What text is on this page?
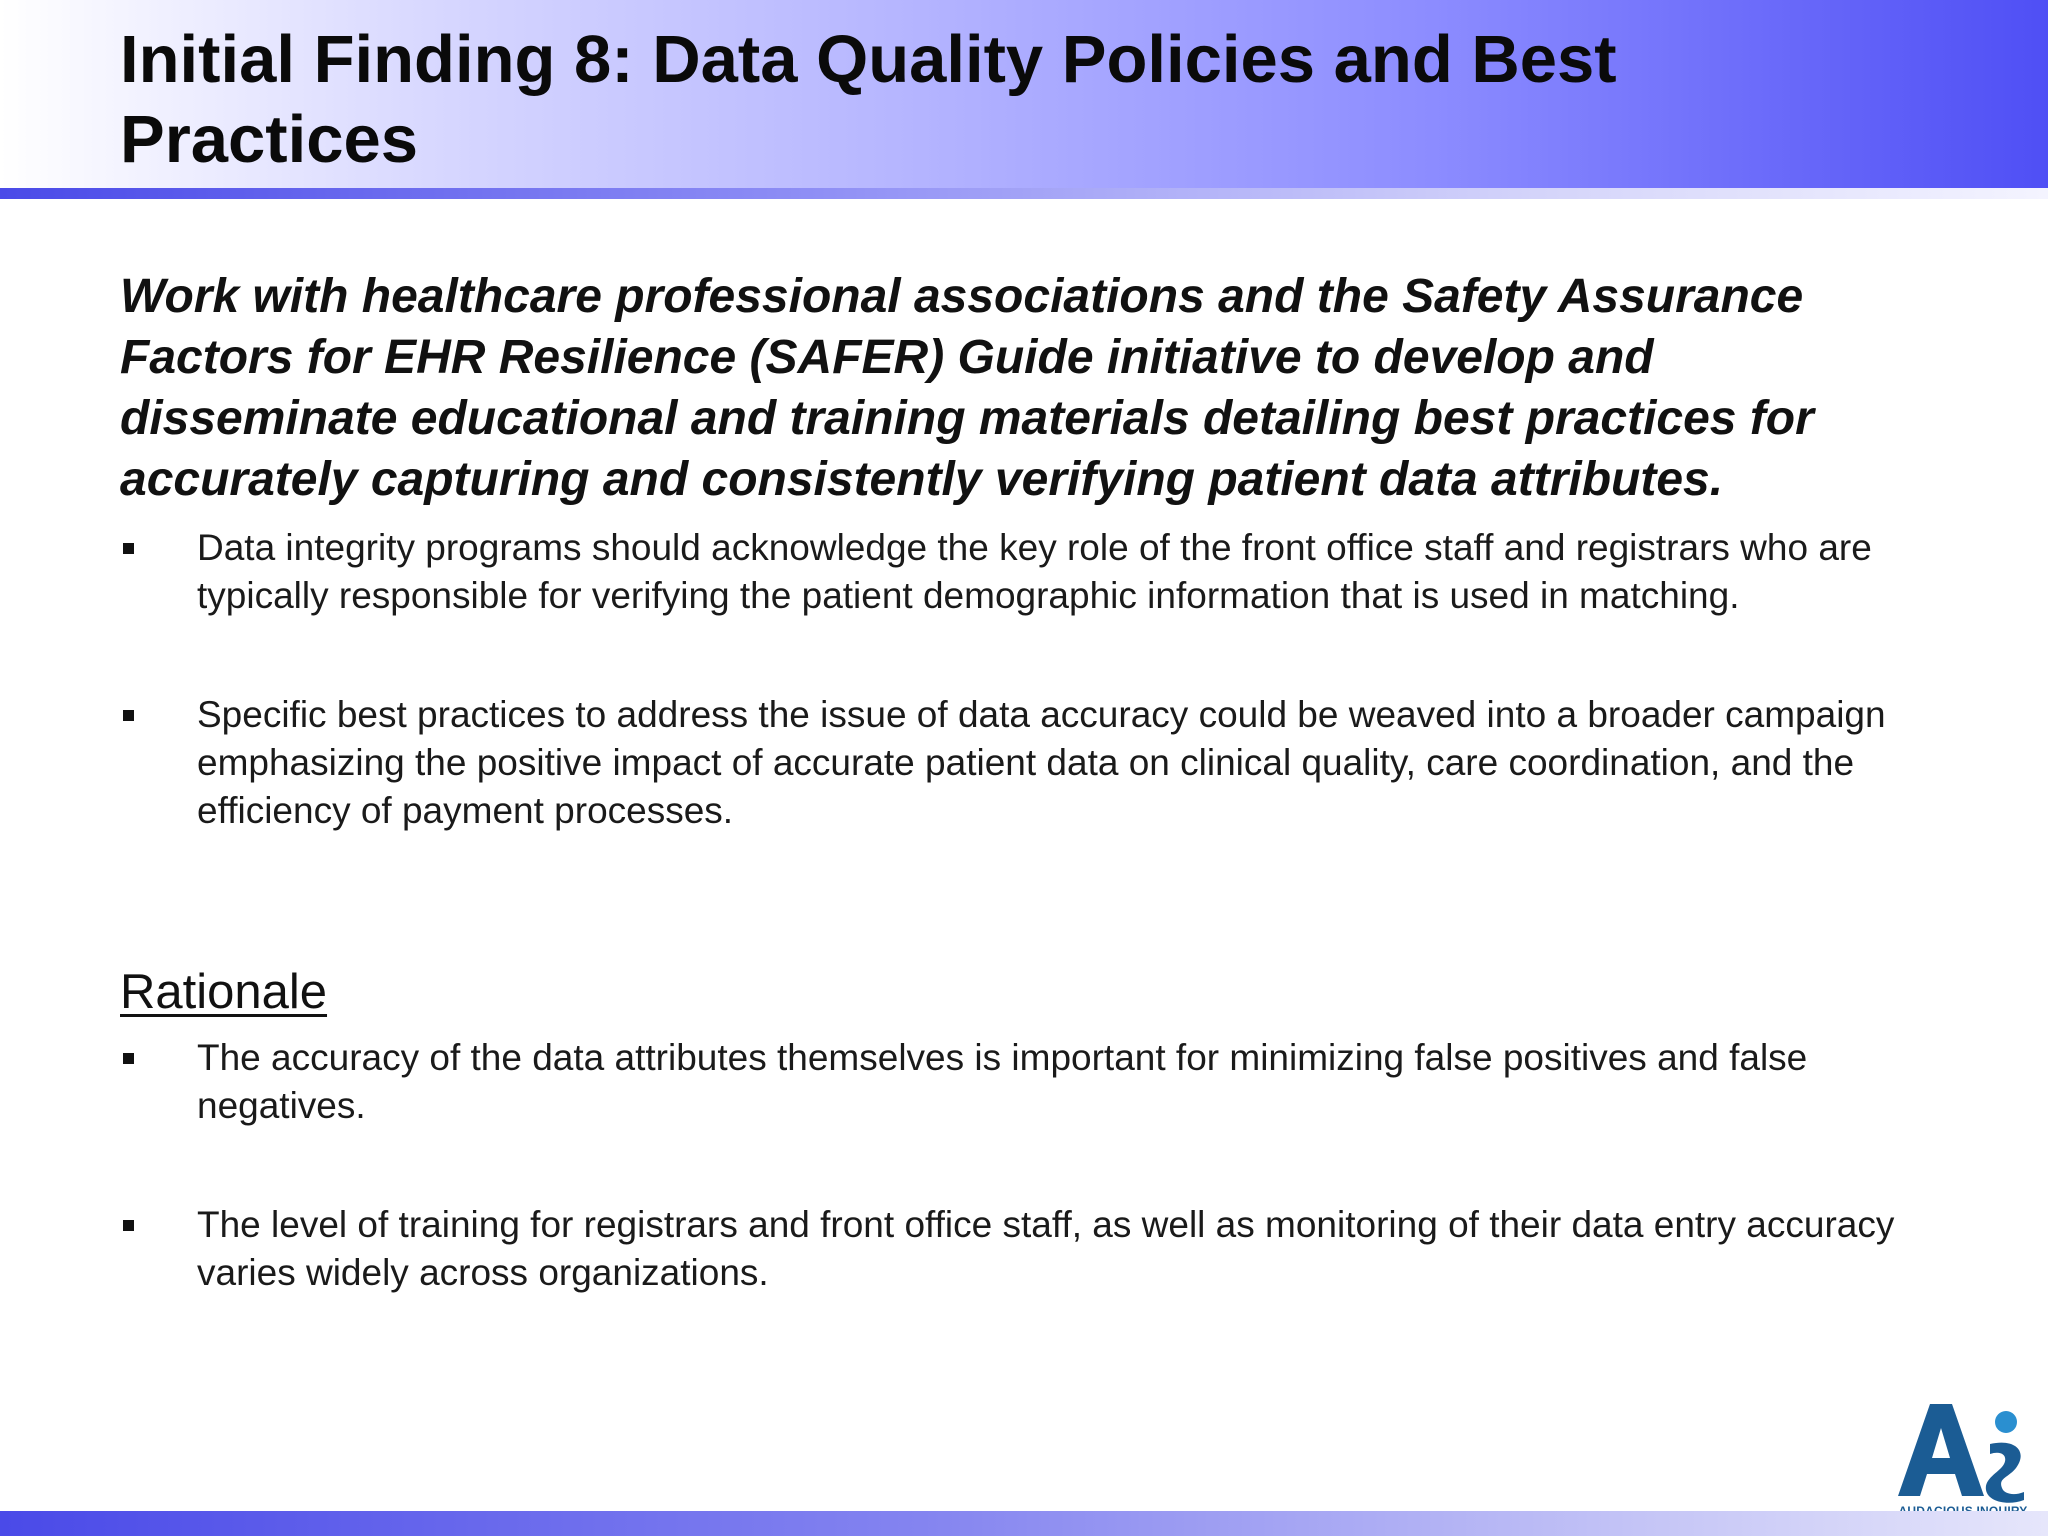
Initial Finding 8: Data Quality Policies and Best Practices

Work with healthcare professional associations and the Safety Assurance Factors for EHR Resilience (SAFER) Guide initiative to develop and disseminate educational and training materials detailing best practices for accurately capturing and consistently verifying patient data attributes.

Data integrity programs should acknowledge the key role of the front office staff and registrars who are typically responsible for verifying the patient demographic information that is used in matching.
Specific best practices to address the issue of data accuracy could be weaved into a broader campaign emphasizing the positive impact of accurate patient data on clinical quality, care coordination, and the efficiency of payment processes.
Rationale
The accuracy of the data attributes themselves is important for minimizing false positives and false negatives.
The level of training for registrars and front office staff, as well as monitoring of their data entry accuracy varies widely across organizations.
